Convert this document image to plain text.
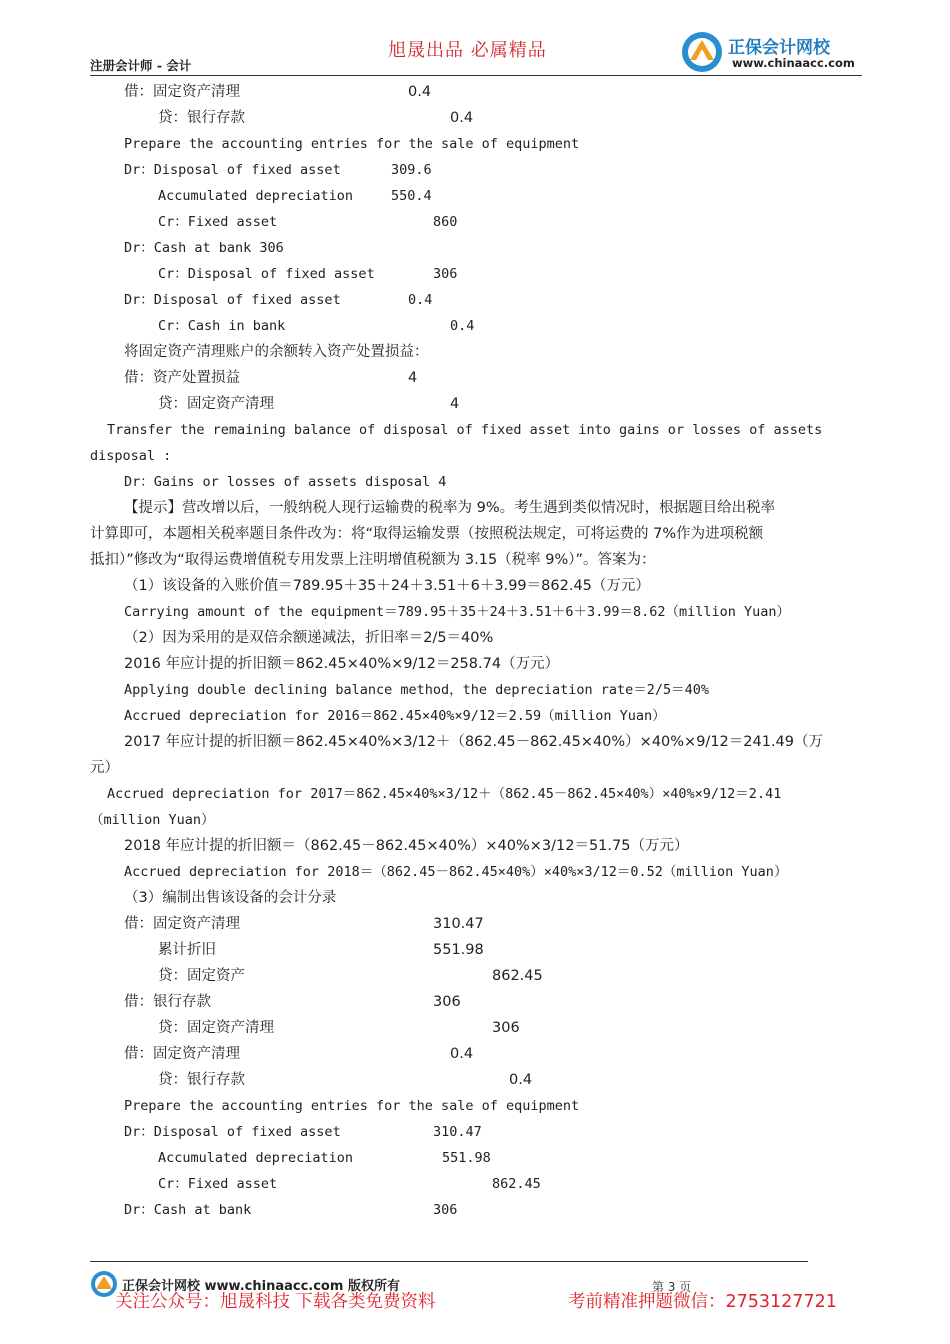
旭晟出品 必属精品
注册会计师 - 会计
正保会计网校
www.chinaacc.com
借：固定资产清理	0.4
贷：银行存款	0.4
Prepare the accounting entries for the sale of equipment
Dr：Disposal of fixed asset	309.6
Accumulated depreciation	550.4
Cr：Fixed asset	860
Dr：Cash at bank 306
Cr：Disposal of fixed asset	306
Dr：Disposal of fixed asset	0.4
Cr：Cash in bank	0.4
将固定资产清理账户的余额转入资产处置损益：
借：资产处置损益	4
贷：固定资产清理	4
Transfer the remaining balance of disposal of fixed asset into gains or losses of assets
disposal :
Dr：Gains or losses of assets disposal 4
【提示】营改增以后，一般纳税人现行运输费的税率为 9%。考生遇到类似情况时，根据题目给出税率
计算即可，本题相关税率题目条件改为：将“取得运输发票（按照税法规定，可将运费的 7%作为进项税额
抵扣）”修改为“取得运费增值税专用发票上注明增值税额为 3.15（税率 9%）”。答案为：
（1）该设备的入账价值＝789.95＋35＋24＋3.51＋6＋3.99＝862.45（万元）
Carrying amount of the equipment＝789.95＋35＋24＋3.51＋6＋3.99＝8.62（million Yuan）
（2）因为采用的是双倍余额递减法，折旧率＝2/5＝40%
2016 年应计提的折旧额＝862.45×40%×9/12＝258.74（万元）
Applying double declining balance method，the depreciation rate＝2/5＝40%
Accrued depreciation for 2016＝862.45×40%×9/12＝2.59（million Yuan）
2017 年应计提的折旧额＝862.45×40%×3/12＋（862.45－862.45×40%）×40%×9/12＝241.49（万
元）
Accrued depreciation for 2017＝862.45×40%×3/12＋（862.45－862.45×40%）×40%×9/12＝2.41
（million Yuan）
2018 年应计提的折旧额＝（862.45－862.45×40%）×40%×3/12＝51.75（万元）
Accrued depreciation for 2018＝（862.45－862.45×40%）×40%×3/12＝0.52（million Yuan）
（3）编制出售该设备的会计分录
借：固定资产清理	310.47
累计折旧	551.98
贷：固定资产	862.45
借：银行存款	306
贷：固定资产清理	306
借：固定资产清理	0.4
贷：银行存款	0.4
Prepare the accounting entries for the sale of equipment
Dr：Disposal of fixed asset	310.47
Accumulated depreciation	551.98
Cr：Fixed asset	862.45
Dr：Cash at bank	306
正保会计网校 www.chinaacc.com 版权所有	第 3 页
关注公众号：旭晟科技 下载各类免费资料	考前精准押题微信：2753127721
